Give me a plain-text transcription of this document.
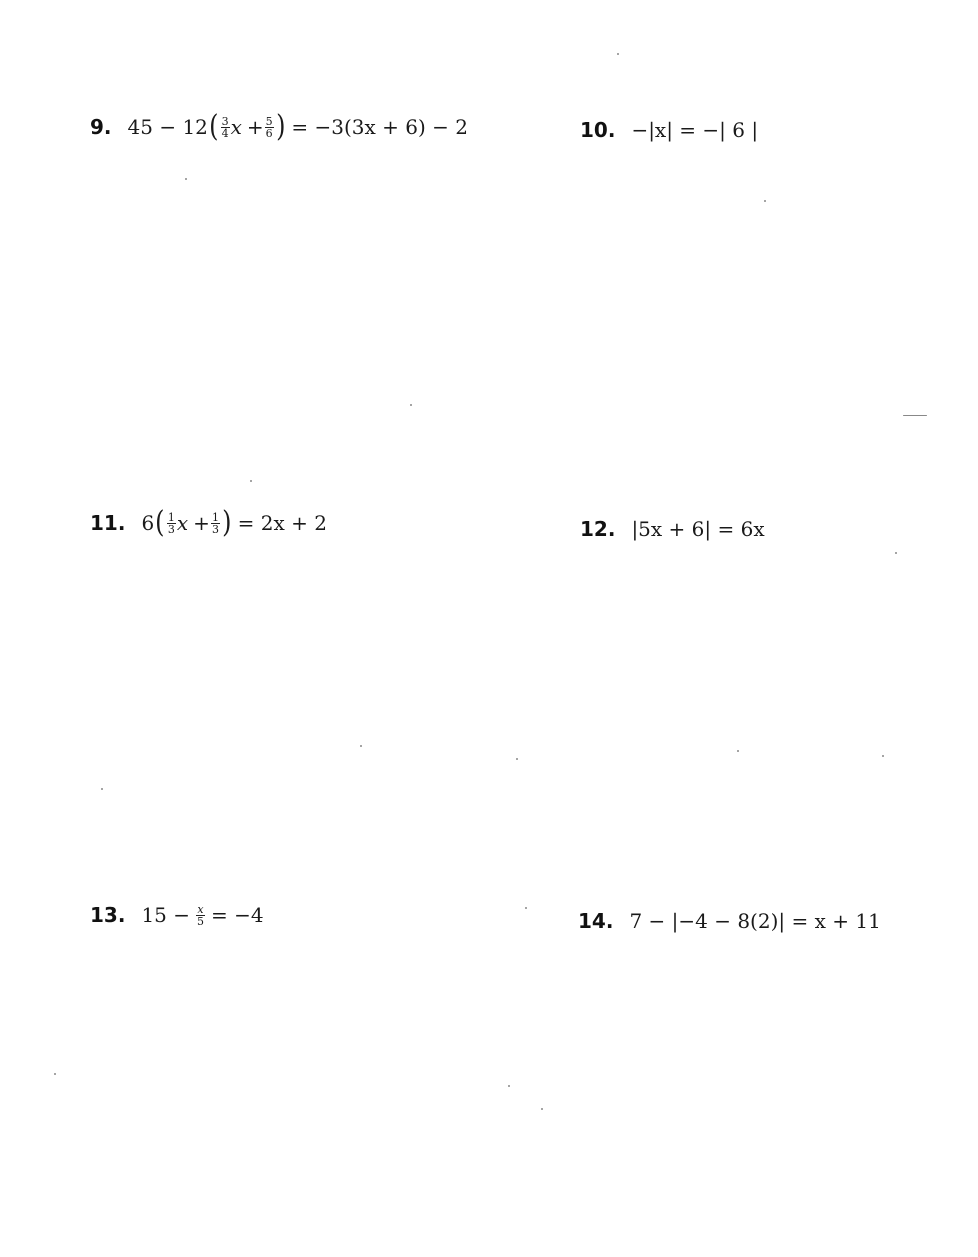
9. 45 − 12 ( $\frac{3}{4}$ $x + \frac{5}{6}$ ) = −3(3x + 6) − 2	10. −|x| = −| 6 |
11. 6 ( $\frac{1}{3}$ $x + \frac{1}{3}$ ) = 2x + 2	12. |5x + 6| = 6x
13. $15 - \frac{x}{5} = -4$	14. 7 − |−4 − 8(2)| = x + 11
